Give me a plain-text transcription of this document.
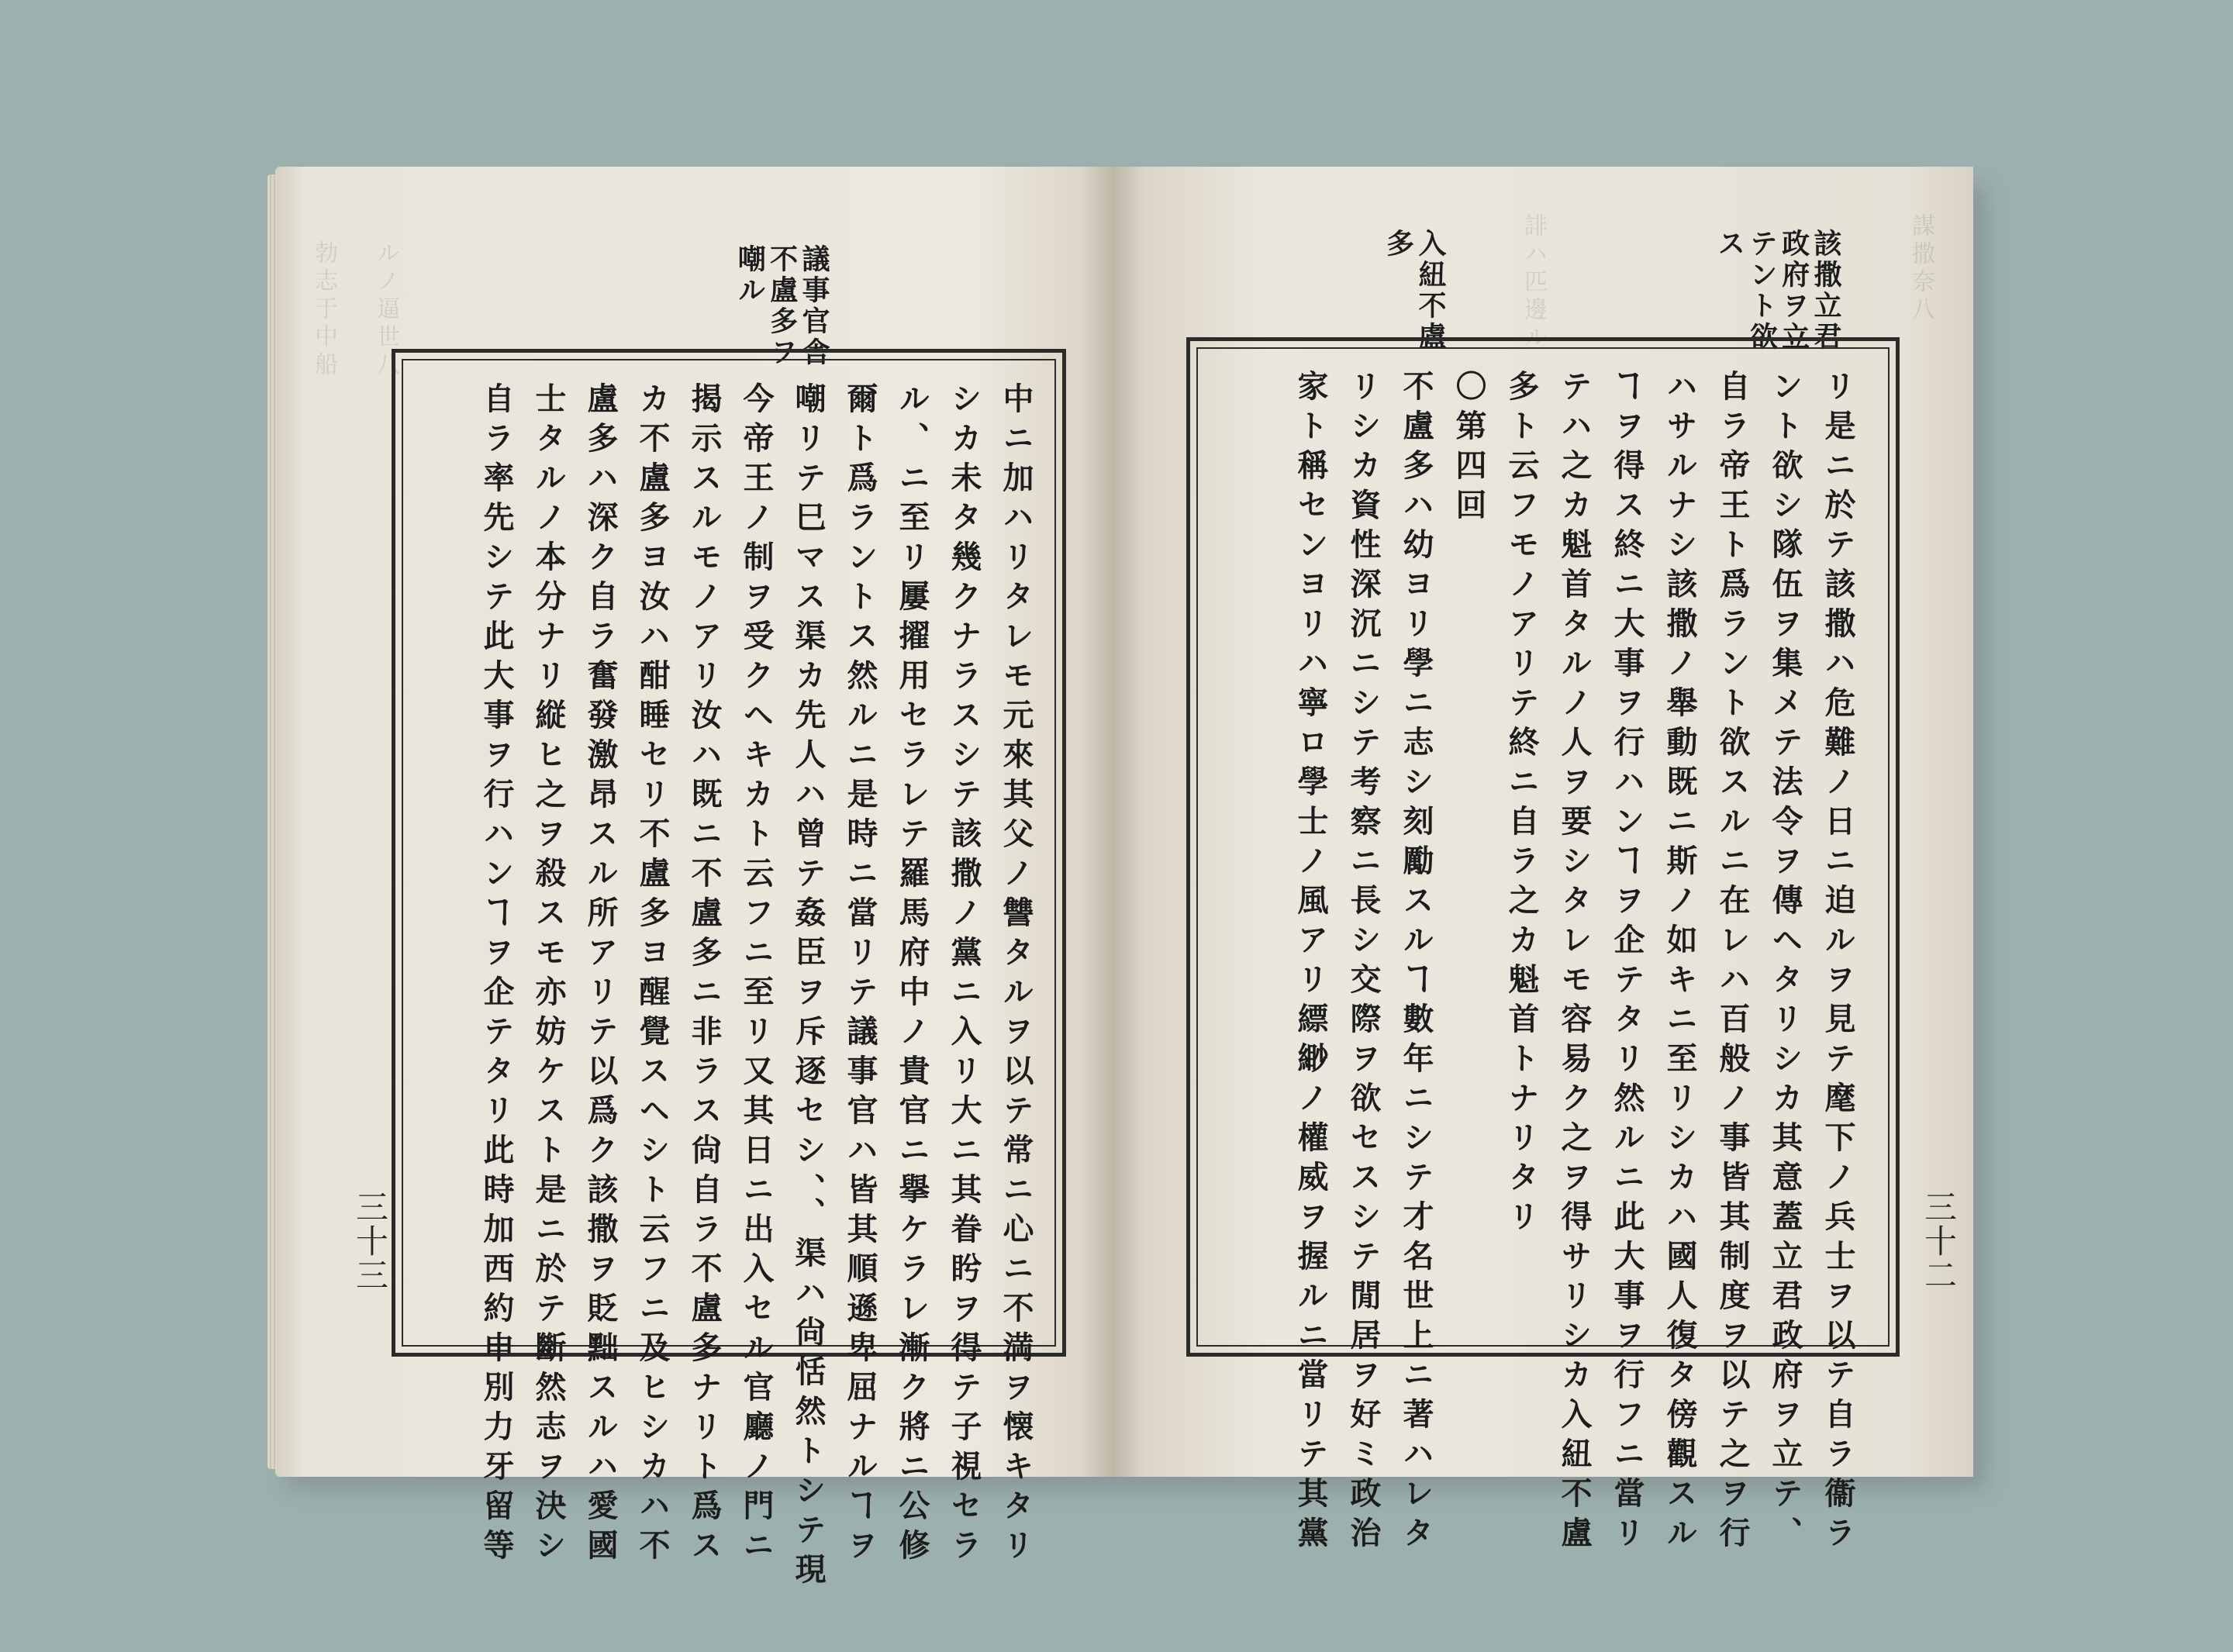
勃志于中船 ルノ逼世八	議事官舎
不盧多ヲ
嘲ル
中ニ加ハリタレモ元來其父ノ讐タルヲ以テ常ニ心ニ不満ヲ懐キタリ
シカ未タ幾クナラスシテ該撒ノ黨ニ入リ大ニ其眷盻ヲ得テ子視セラ
ル、ニ至リ屢擢用セラレテ羅馬府中ノ貴官ニ擧ケラレ漸ク將ニ公修
爾ト爲ラントス然ルニ是時ニ當リテ議事官ハ皆其順遜卑屈ナルヿヲ
嘲リテ巳マス渠カ先人ハ曾テ姦臣ヲ斥逐セシ、、渠ハ尙恬然トシテ現
今帝王ノ制ヲ受クヘキカト云フニ至リ又其日ニ出入セル官廳ノ門ニ
揭示スルモノアリ汝ハ既ニ不盧多ニ非ラス尙自ラ不盧多ナリト爲ス
カ不盧多ヨ汝ハ酣睡セリ不盧多ヨ醒覺スヘシト云フニ及ヒシカハ不
盧多ハ深ク自ラ奮發激昂スル所アリテ以爲ク該撒ヲ貶黜スルハ愛國
士タルノ本分ナリ縦ヒ之ヲ殺スモ亦妨ケスト是ニ於テ斷然志ヲ決シ
自ラ率先シテ此大事ヲ行ハンヿヲ企テタリ此時加西約申別力牙留等
三十三
謀撒奈八
誹ハ匹邊ル	該撒立君
政府ヲ立
テント欲
ス
入紐不盧
多
リ是ニ於テ該撒ハ危難ノ日ニ迫ルヲ見テ麾下ノ兵士ヲ以テ自ラ衞ラ
ント欲シ隊伍ヲ集メテ法令ヲ傳ヘタリシカ其意蓋立君政府ヲ立テ、
自ラ帝王ト爲ラント欲スルニ在レハ百般ノ事皆其制度ヲ以テ之ヲ行
ハサルナシ該撒ノ舉動既ニ斯ノ如キニ至リシカハ國人復タ傍觀スル
ヿヲ得ス終ニ大事ヲ行ハンヿヲ企テタリ然ルニ此大事ヲ行フニ當リ
テハ之カ魁首タルノ人ヲ要シタレモ容易ク之ヲ得サリシカ入紐不盧
多ト云フモノアリテ終ニ自ラ之カ魁首トナリタリ
〇第四回
不盧多ハ幼ヨリ學ニ志シ刻勵スルヿ數年ニシテ才名世上ニ著ハレタ
リシカ資性深沉ニシテ考察ニ長シ交際ヲ欲セスシテ閒居ヲ好ミ政治
家ト稱センヨリハ寧ロ學士ノ風アリ縹緲ノ權威ヲ握ルニ當リテ其黨	三十二
